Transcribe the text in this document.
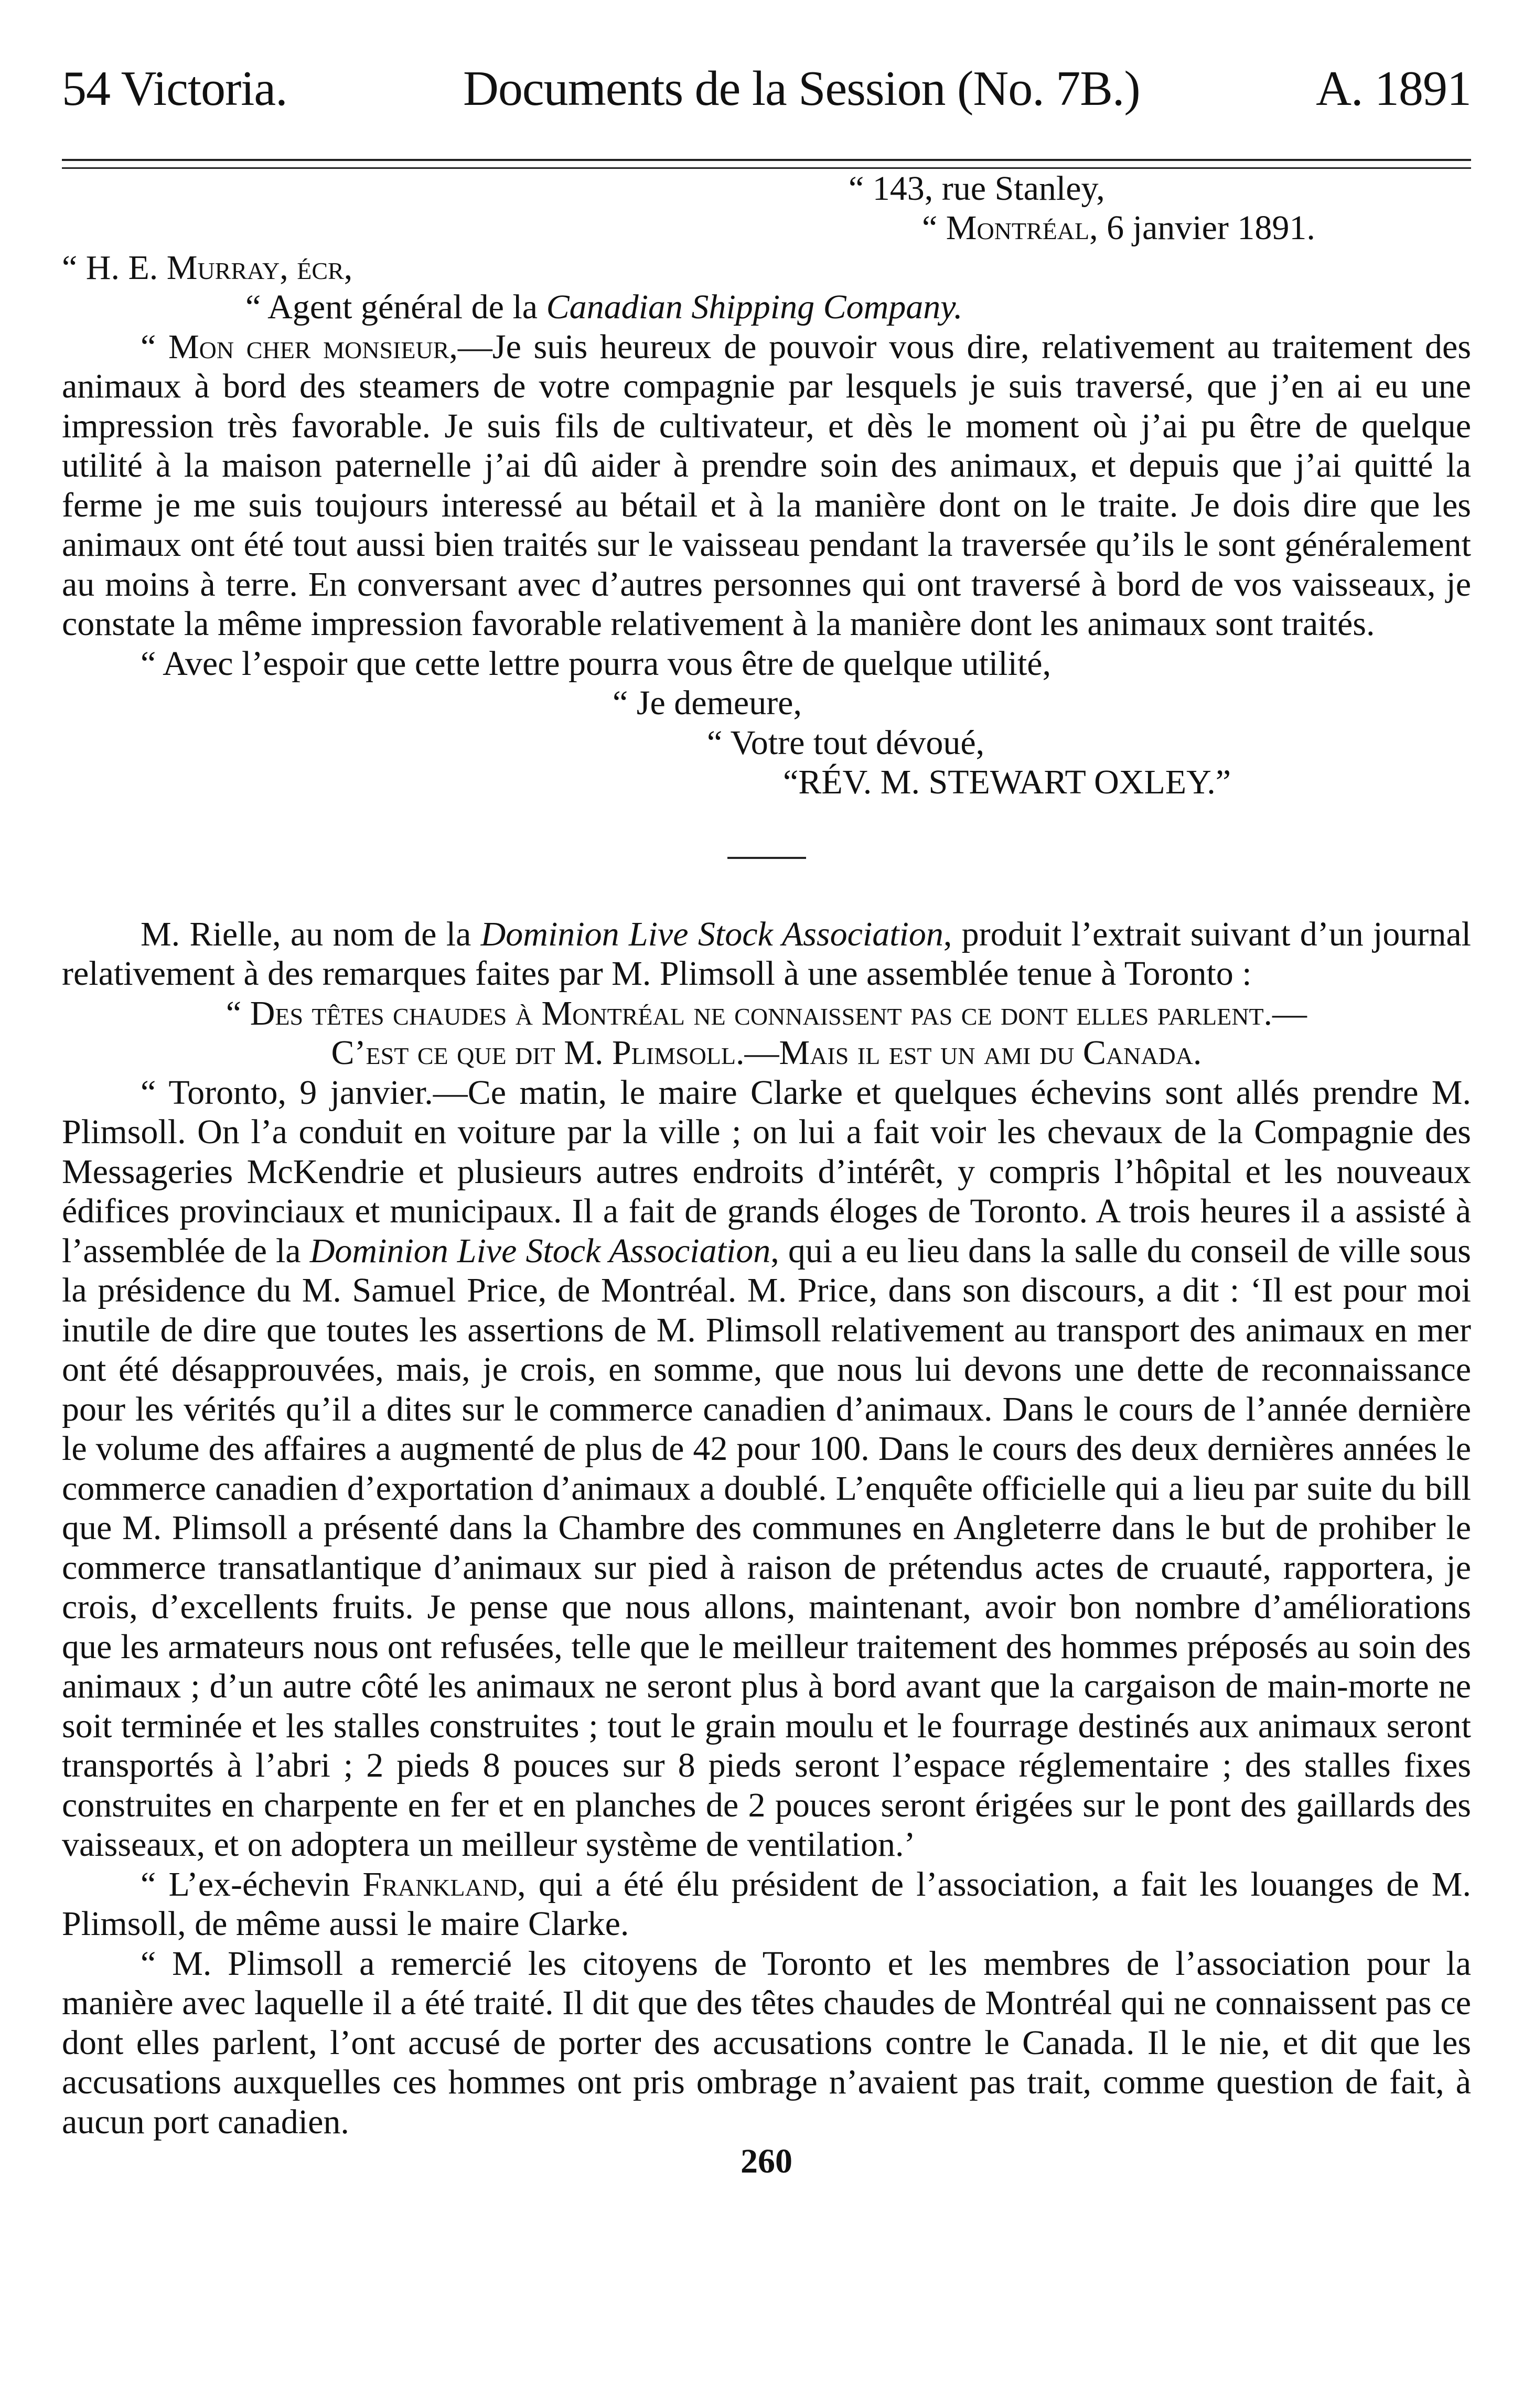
54 Victoria.	Documents de la Session (No. 7B.)	A. 1891

“ 143, rue Stanley,

“ Montréal, 6 janvier 1891.

“ H. E. Murray, écr,

“ Agent général de la Canadian Shipping Company.

“ Mon cher monsieur,—Je suis heureux de pouvoir vous dire, relativement au traitement des animaux à bord des steamers de votre compagnie par lesquels je suis traversé, que j’en ai eu une impression très favorable. Je suis fils de cultivateur, et dès le moment où j’ai pu être de quelque utilité à la maison paternelle j’ai dû aider à prendre soin des animaux, et depuis que j’ai quitté la ferme je me suis toujours interessé au bétail et à la manière dont on le traite. Je dois dire que les animaux ont été tout aussi bien traités sur le vaisseau pendant la traversée qu’ils le sont généralement au moins à terre. En conversant avec d’autres personnes qui ont traversé à bord de vos vaisseaux, je constate la même impression favorable relativement à la manière dont les animaux sont traités.

“ Avec l’espoir que cette lettre pourra vous être de quelque utilité,

“ Je demeure,

“ Votre tout dévoué,

“RÉV. M. STEWART OXLEY.”

M. Rielle, au nom de la Dominion Live Stock Association, produit l’extrait suivant d’un journal relativement à des remarques faites par M. Plimsoll à une assemblée tenue à Toronto :

“ Des têtes chaudes à Montréal ne connaissent pas ce dont elles parlent.—
C’est ce que dit M. Plimsoll.—Mais il est un ami du Canada.

“ Toronto, 9 janvier.—Ce matin, le maire Clarke et quelques échevins sont allés prendre M. Plimsoll. On l’a conduit en voiture par la ville ; on lui a fait voir les chevaux de la Compagnie des Messageries McKendrie et plusieurs autres endroits d’intérêt, y compris l’hôpital et les nouveaux édifices provinciaux et municipaux. Il a fait de grands éloges de Toronto. A trois heures il a assisté à l’assemblée de la Dominion Live Stock Association, qui a eu lieu dans la salle du conseil de ville sous la présidence du M. Samuel Price, de Montréal. M. Price, dans son discours, a dit : ‘Il est pour moi inutile de dire que toutes les assertions de M. Plimsoll relativement au transport des animaux en mer ont été désapprouvées, mais, je crois, en somme, que nous lui devons une dette de reconnaissance pour les vérités qu’il a dites sur le commerce canadien d’animaux. Dans le cours de l’année dernière le volume des affaires a augmenté de plus de 42 pour 100. Dans le cours des deux dernières années le commerce canadien d’exportation d’animaux a doublé. L’enquête officielle qui a lieu par suite du bill que M. Plimsoll a présenté dans la Chambre des communes en Angleterre dans le but de prohiber le commerce transatlantique d’animaux sur pied à raison de prétendus actes de cruauté, rapportera, je crois, d’excellents fruits. Je pense que nous allons, maintenant, avoir bon nombre d’améliorations que les armateurs nous ont refusées, telle que le meilleur traitement des hommes préposés au soin des animaux ; d’un autre côté les animaux ne seront plus à bord avant que la cargaison de main-morte ne soit terminée et les stalles construites ; tout le grain moulu et le fourrage destinés aux animaux seront transportés à l’abri ; 2 pieds 8 pouces sur 8 pieds seront l’espace réglementaire ; des stalles fixes construites en charpente en fer et en planches de 2 pouces seront érigées sur le pont des gaillards des vaisseaux, et on adoptera un meilleur système de ventilation.’

“ L’ex-échevin Frankland, qui a été élu président de l’association, a fait les louanges de M. Plimsoll, de même aussi le maire Clarke.

“ M. Plimsoll a remercié les citoyens de Toronto et les membres de l’association pour la manière avec laquelle il a été traité. Il dit que des têtes chaudes de Montréal qui ne connaissent pas ce dont elles parlent, l’ont accusé de porter des accusations contre le Canada. Il le nie, et dit que les accusations auxquelles ces hommes ont pris ombrage n’avaient pas trait, comme question de fait, à aucun port canadien.

260
